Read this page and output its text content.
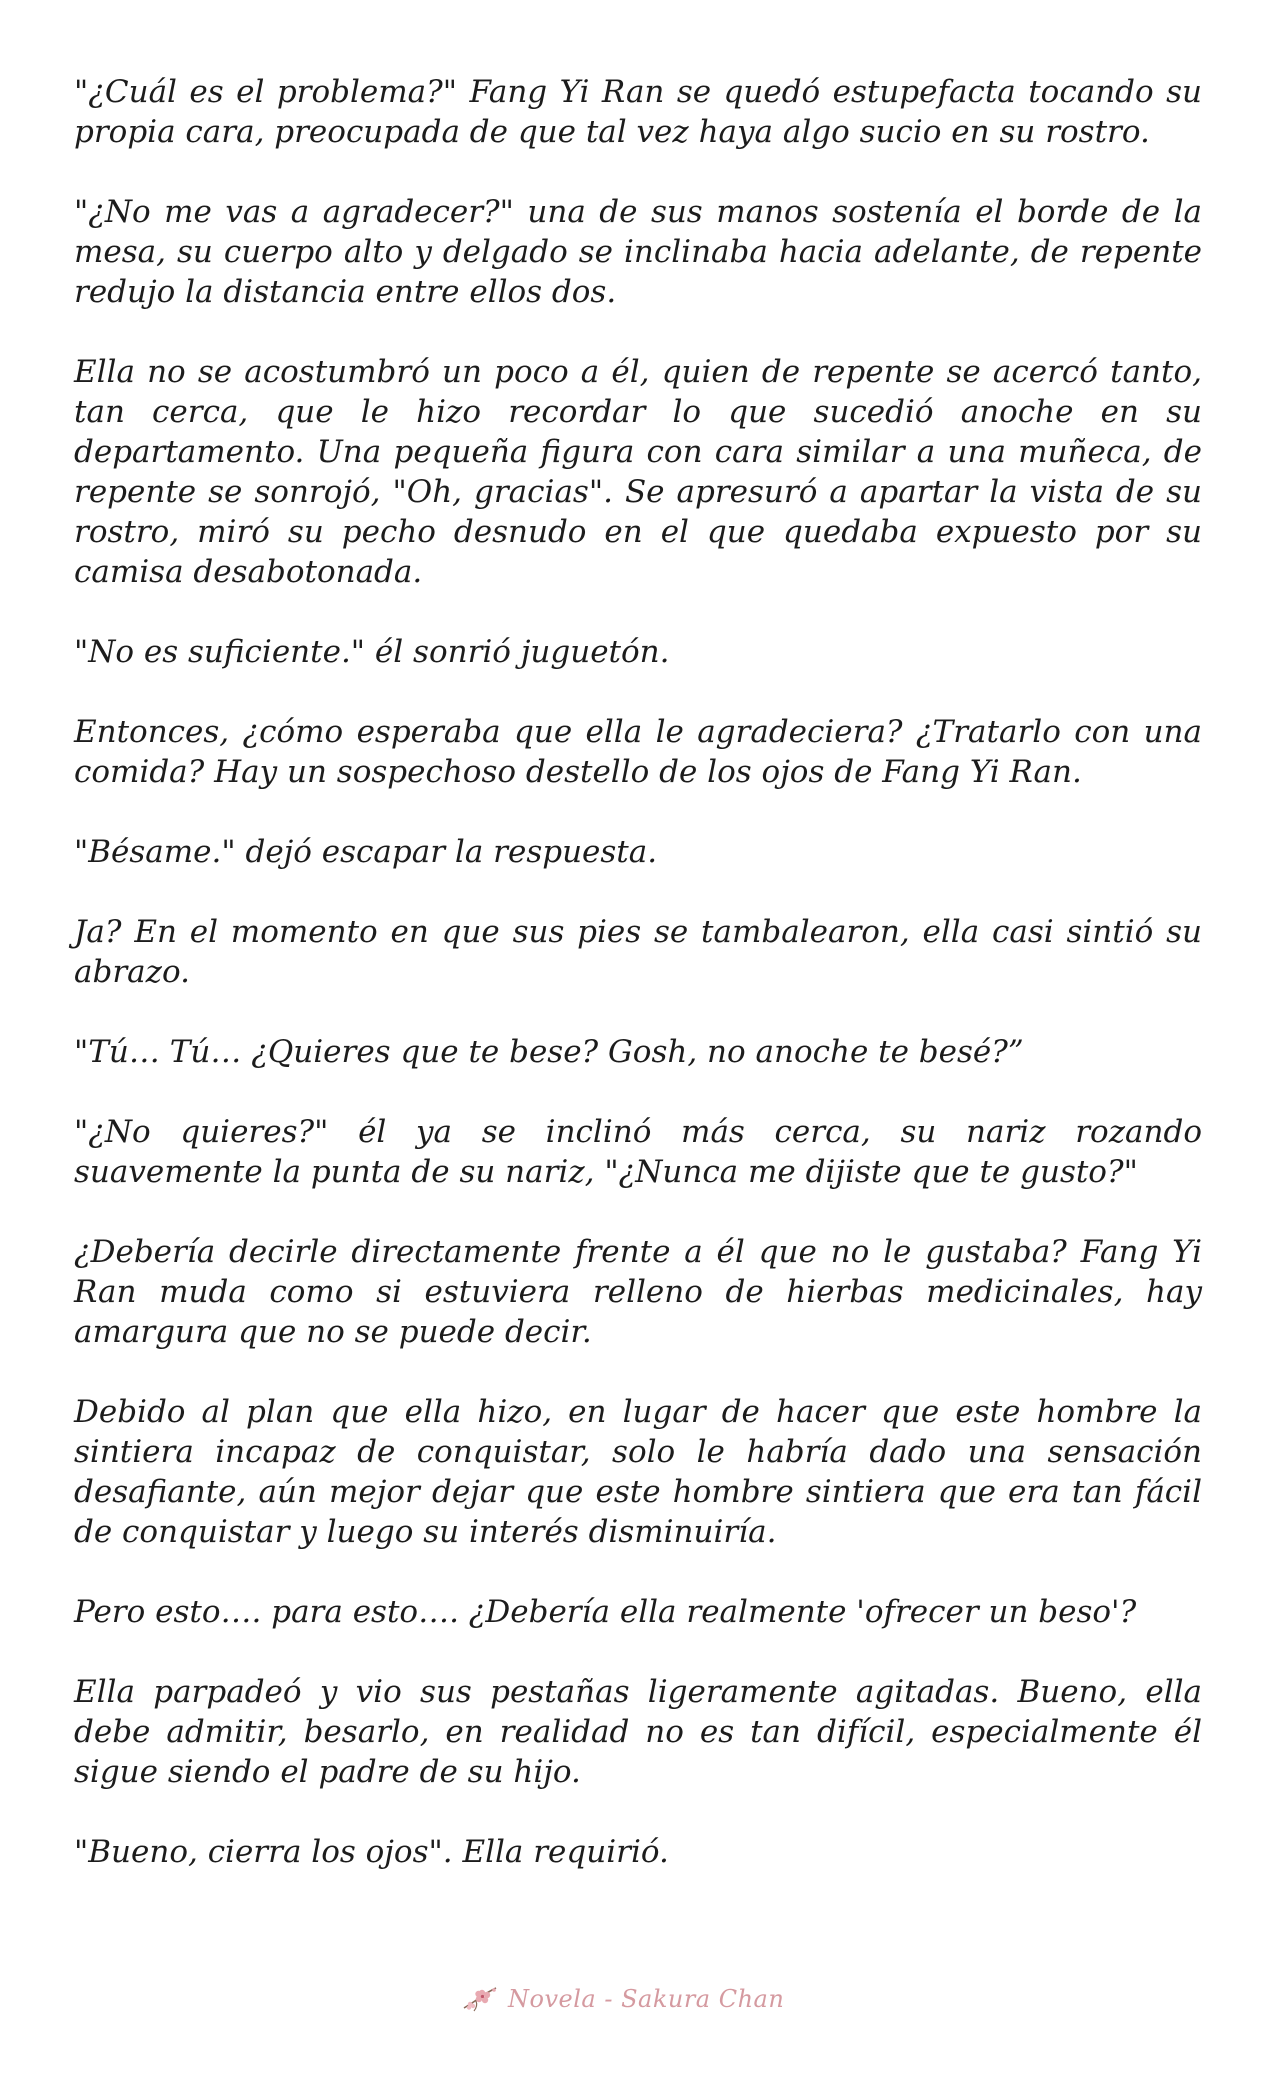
"¿Cuál es el problema?" Fang Yi Ran se quedó estupefacta tocando su propia cara, preocupada de que tal vez haya algo sucio en su rostro.

"¿No me vas a agradecer?" una de sus manos sostenía el borde de la mesa, su cuerpo alto y delgado se inclinaba hacia adelante, de repente redujo la distancia entre ellos dos.

Ella no se acostumbró un poco a él, quien de repente se acercó tanto, tan cerca, que le hizo recordar lo que sucedió anoche en su departamento. Una pequeña figura con cara similar a una muñeca, de repente se sonrojó, "Oh, gracias". Se apresuró a apartar la vista de su rostro, miró su pecho desnudo en el que quedaba expuesto por su camisa desabotonada.

"No es suficiente." él sonrió juguetón.

Entonces, ¿cómo esperaba que ella le agradeciera? ¿Tratarlo con una comida? Hay un sospechoso destello de los ojos de Fang Yi Ran.

"Bésame." dejó escapar la respuesta.

Ja? En el momento en que sus pies se tambalearon, ella casi sintió su abrazo.

"Tú… Tú… ¿Quieres que te bese? Gosh, no anoche te besé?”

"¿No quieres?" él ya se inclinó más cerca, su nariz rozando suavemente la punta de su nariz, "¿Nunca me dijiste que te gusto?"

¿Debería decirle directamente frente a él que no le gustaba? Fang Yi Ran muda como si estuviera relleno de hierbas medicinales, hay amargura que no se puede decir.

Debido al plan que ella hizo, en lugar de hacer que este hombre la sintiera incapaz de conquistar, solo le habría dado una sensación desafiante, aún mejor dejar que este hombre sintiera que era tan fácil de conquistar y luego su interés disminuiría.

Pero esto…. para esto…. ¿Debería ella realmente 'ofrecer un beso'?

Ella parpadeó y vio sus pestañas ligeramente agitadas. Bueno, ella debe admitir, besarlo, en realidad no es tan difícil, especialmente él sigue siendo el padre de su hijo.

"Bueno, cierra los ojos". Ella requirió.

Novela - Sakura Chan
